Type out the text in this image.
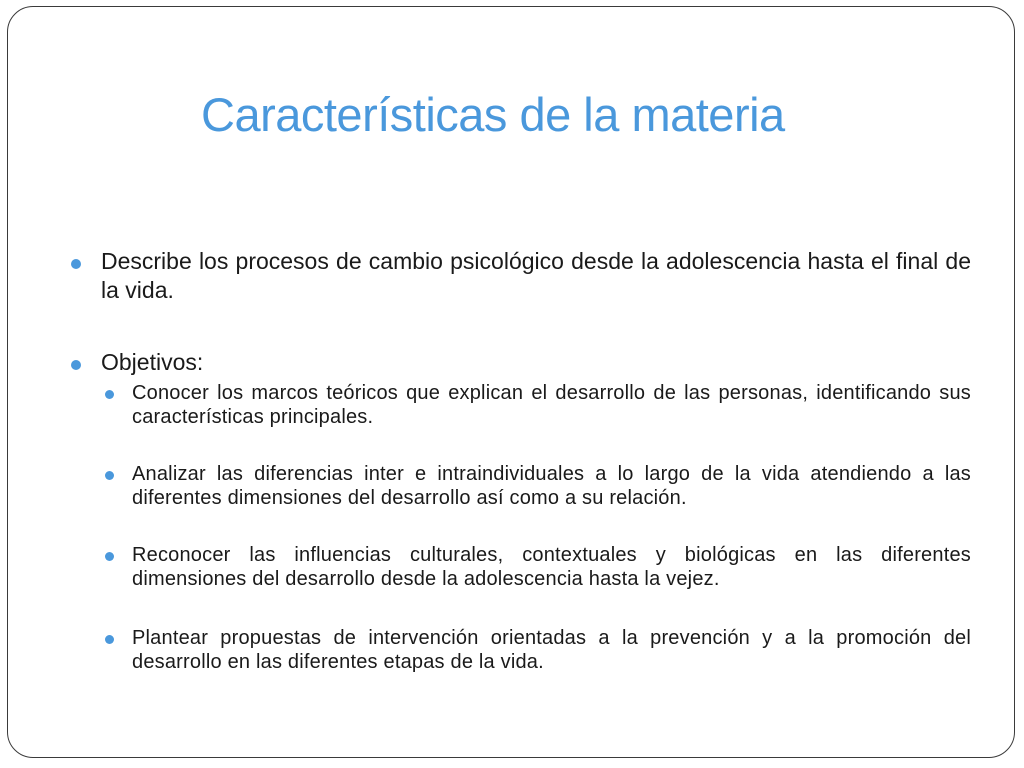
Características de la materia
Describe los procesos de cambio psicológico desde la adolescencia hasta el final de la vida.
Objetivos:
Conocer los marcos teóricos que explican el desarrollo de las personas, identificando sus características principales.
Analizar las diferencias inter e intraindividuales a lo largo de la vida atendiendo a las diferentes dimensiones del desarrollo así como a su relación.
Reconocer las influencias culturales, contextuales y biológicas en las diferentes dimensiones del desarrollo desde la adolescencia hasta la vejez.
Plantear propuestas de intervención orientadas a la prevención y a la promoción del desarrollo en las diferentes etapas de la vida.
